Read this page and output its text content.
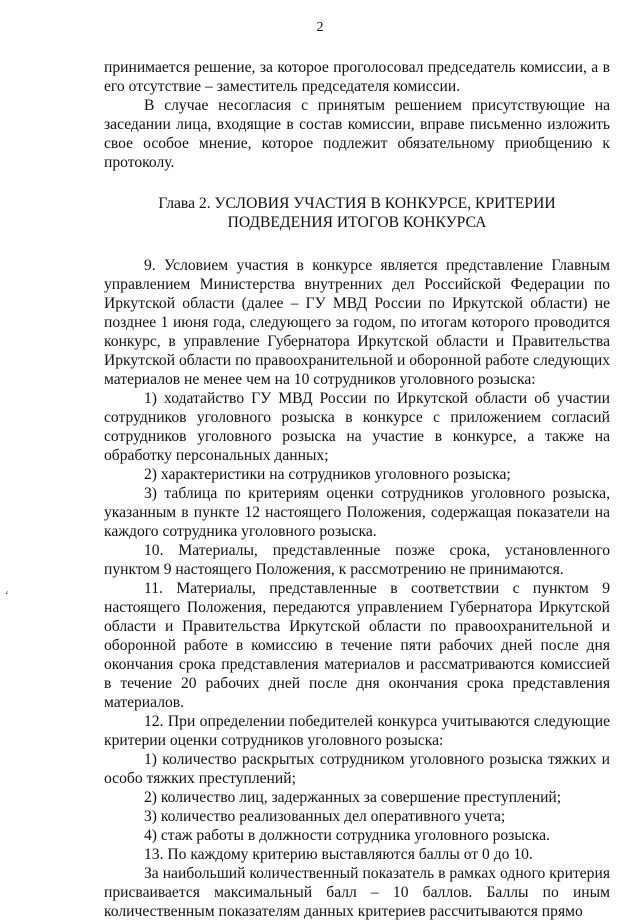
2

принимается решение, за которое проголосовал председатель комиссии, а в его отсутствие – заместитель председателя комиссии.

В случае несогласия с принятым решением присутствующие на заседании лица, входящие в состав комиссии, вправе письменно изложить свое особое мнение, которое подлежит обязательному приобщению к протоколу.

Глава 2. УСЛОВИЯ УЧАСТИЯ В КОНКУРСЕ, КРИТЕРИИ ПОДВЕДЕНИЯ ИТОГОВ КОНКУРСА

9. Условием участия в конкурсе является представление Главным управлением Министерства внутренних дел Российской Федерации по Иркутской области (далее – ГУ МВД России по Иркутской области) не позднее 1 июня года, следующего за годом, по итогам которого проводится конкурс, в управление Губернатора Иркутской области и Правительства Иркутской области по правоохранительной и оборонной работе следующих материалов не менее чем на 10 сотрудников уголовного розыска:

1) ходатайство ГУ МВД России по Иркутской области об участии сотрудников уголовного розыска в конкурсе с приложением согласий сотрудников уголовного розыска на участие в конкурсе, а также на обработку персональных данных;

2) характеристики на сотрудников уголовного розыска;

3) таблица по критериям оценки сотрудников уголовного розыска, указанным в пункте 12 настоящего Положения, содержащая показатели на каждого сотрудника уголовного розыска.

10. Материалы, представленные позже срока, установленного пунктом 9 настоящего Положения, к рассмотрению не принимаются.

11. Материалы, представленные в соответствии с пунктом 9 настоящего Положения, передаются управлением Губернатора Иркутской области и Правительства Иркутской области по правоохранительной и оборонной работе в комиссию в течение пяти рабочих дней после дня окончания срока представления материалов и рассматриваются комиссией в течение 20 рабочих дней после дня окончания срока представления материалов.

12. При определении победителей конкурса учитываются следующие критерии оценки сотрудников уголовного розыска:

1) количество раскрытых сотрудником уголовного розыска тяжких и особо тяжких преступлений;

2) количество лиц, задержанных за совершение преступлений;

3) количество реализованных дел оперативного учета;

4) стаж работы в должности сотрудника уголовного розыска.

13. По каждому критерию выставляются баллы от 0 до 10.

За наибольший количественный показатель в рамках одного критерия присваивается максимальный балл – 10 баллов. Баллы по иным количественным показателям данных критериев рассчитываются прямо

ʻ
